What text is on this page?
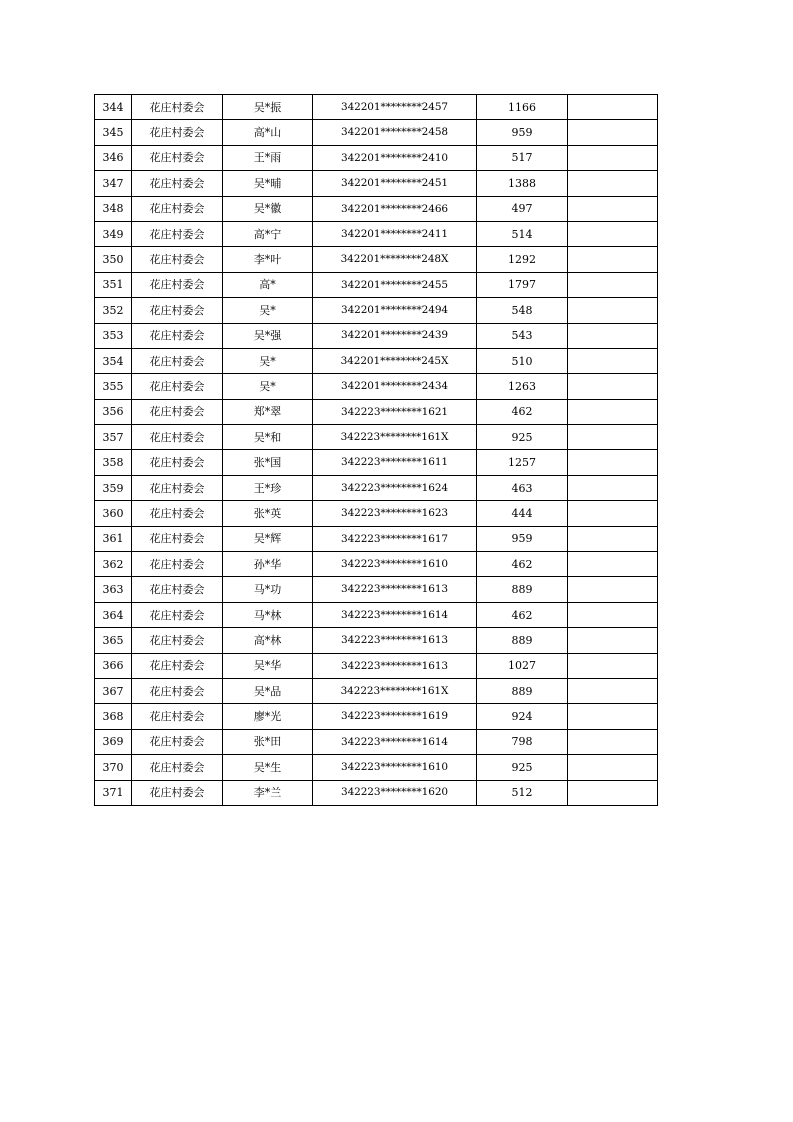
344	花庄村委会	吴*振	342201********2457	1166	
345	花庄村委会	高*山	342201********2458	959	
346	花庄村委会	王*雨	342201********2410	517	
347	花庄村委会	吴*晡	342201********2451	1388	
348	花庄村委会	吴*徽	342201********2466	497	
349	花庄村委会	高*宁	342201********2411	514	
350	花庄村委会	李*叶	342201********248X	1292	
351	花庄村委会	高*	342201********2455	1797	
352	花庄村委会	吴*	342201********2494	548	
353	花庄村委会	吴*强	342201********2439	543	
354	花庄村委会	吴*	342201********245X	510	
355	花庄村委会	吴*	342201********2434	1263	
356	花庄村委会	郑*翠	342223********1621	462	
357	花庄村委会	吴*和	342223********161X	925	
358	花庄村委会	张*国	342223********1611	1257	
359	花庄村委会	王*珍	342223********1624	463	
360	花庄村委会	张*英	342223********1623	444	
361	花庄村委会	吴*辉	342223********1617	959	
362	花庄村委会	孙*华	342223********1610	462	
363	花庄村委会	马*功	342223********1613	889	
364	花庄村委会	马*林	342223********1614	462	
365	花庄村委会	高*林	342223********1613	889	
366	花庄村委会	吴*华	342223********1613	1027	
367	花庄村委会	吴*品	342223********161X	889	
368	花庄村委会	廖*光	342223********1619	924	
369	花庄村委会	张*田	342223********1614	798	
370	花庄村委会	吴*生	342223********1610	925	
371	花庄村委会	李*兰	342223********1620	512	
